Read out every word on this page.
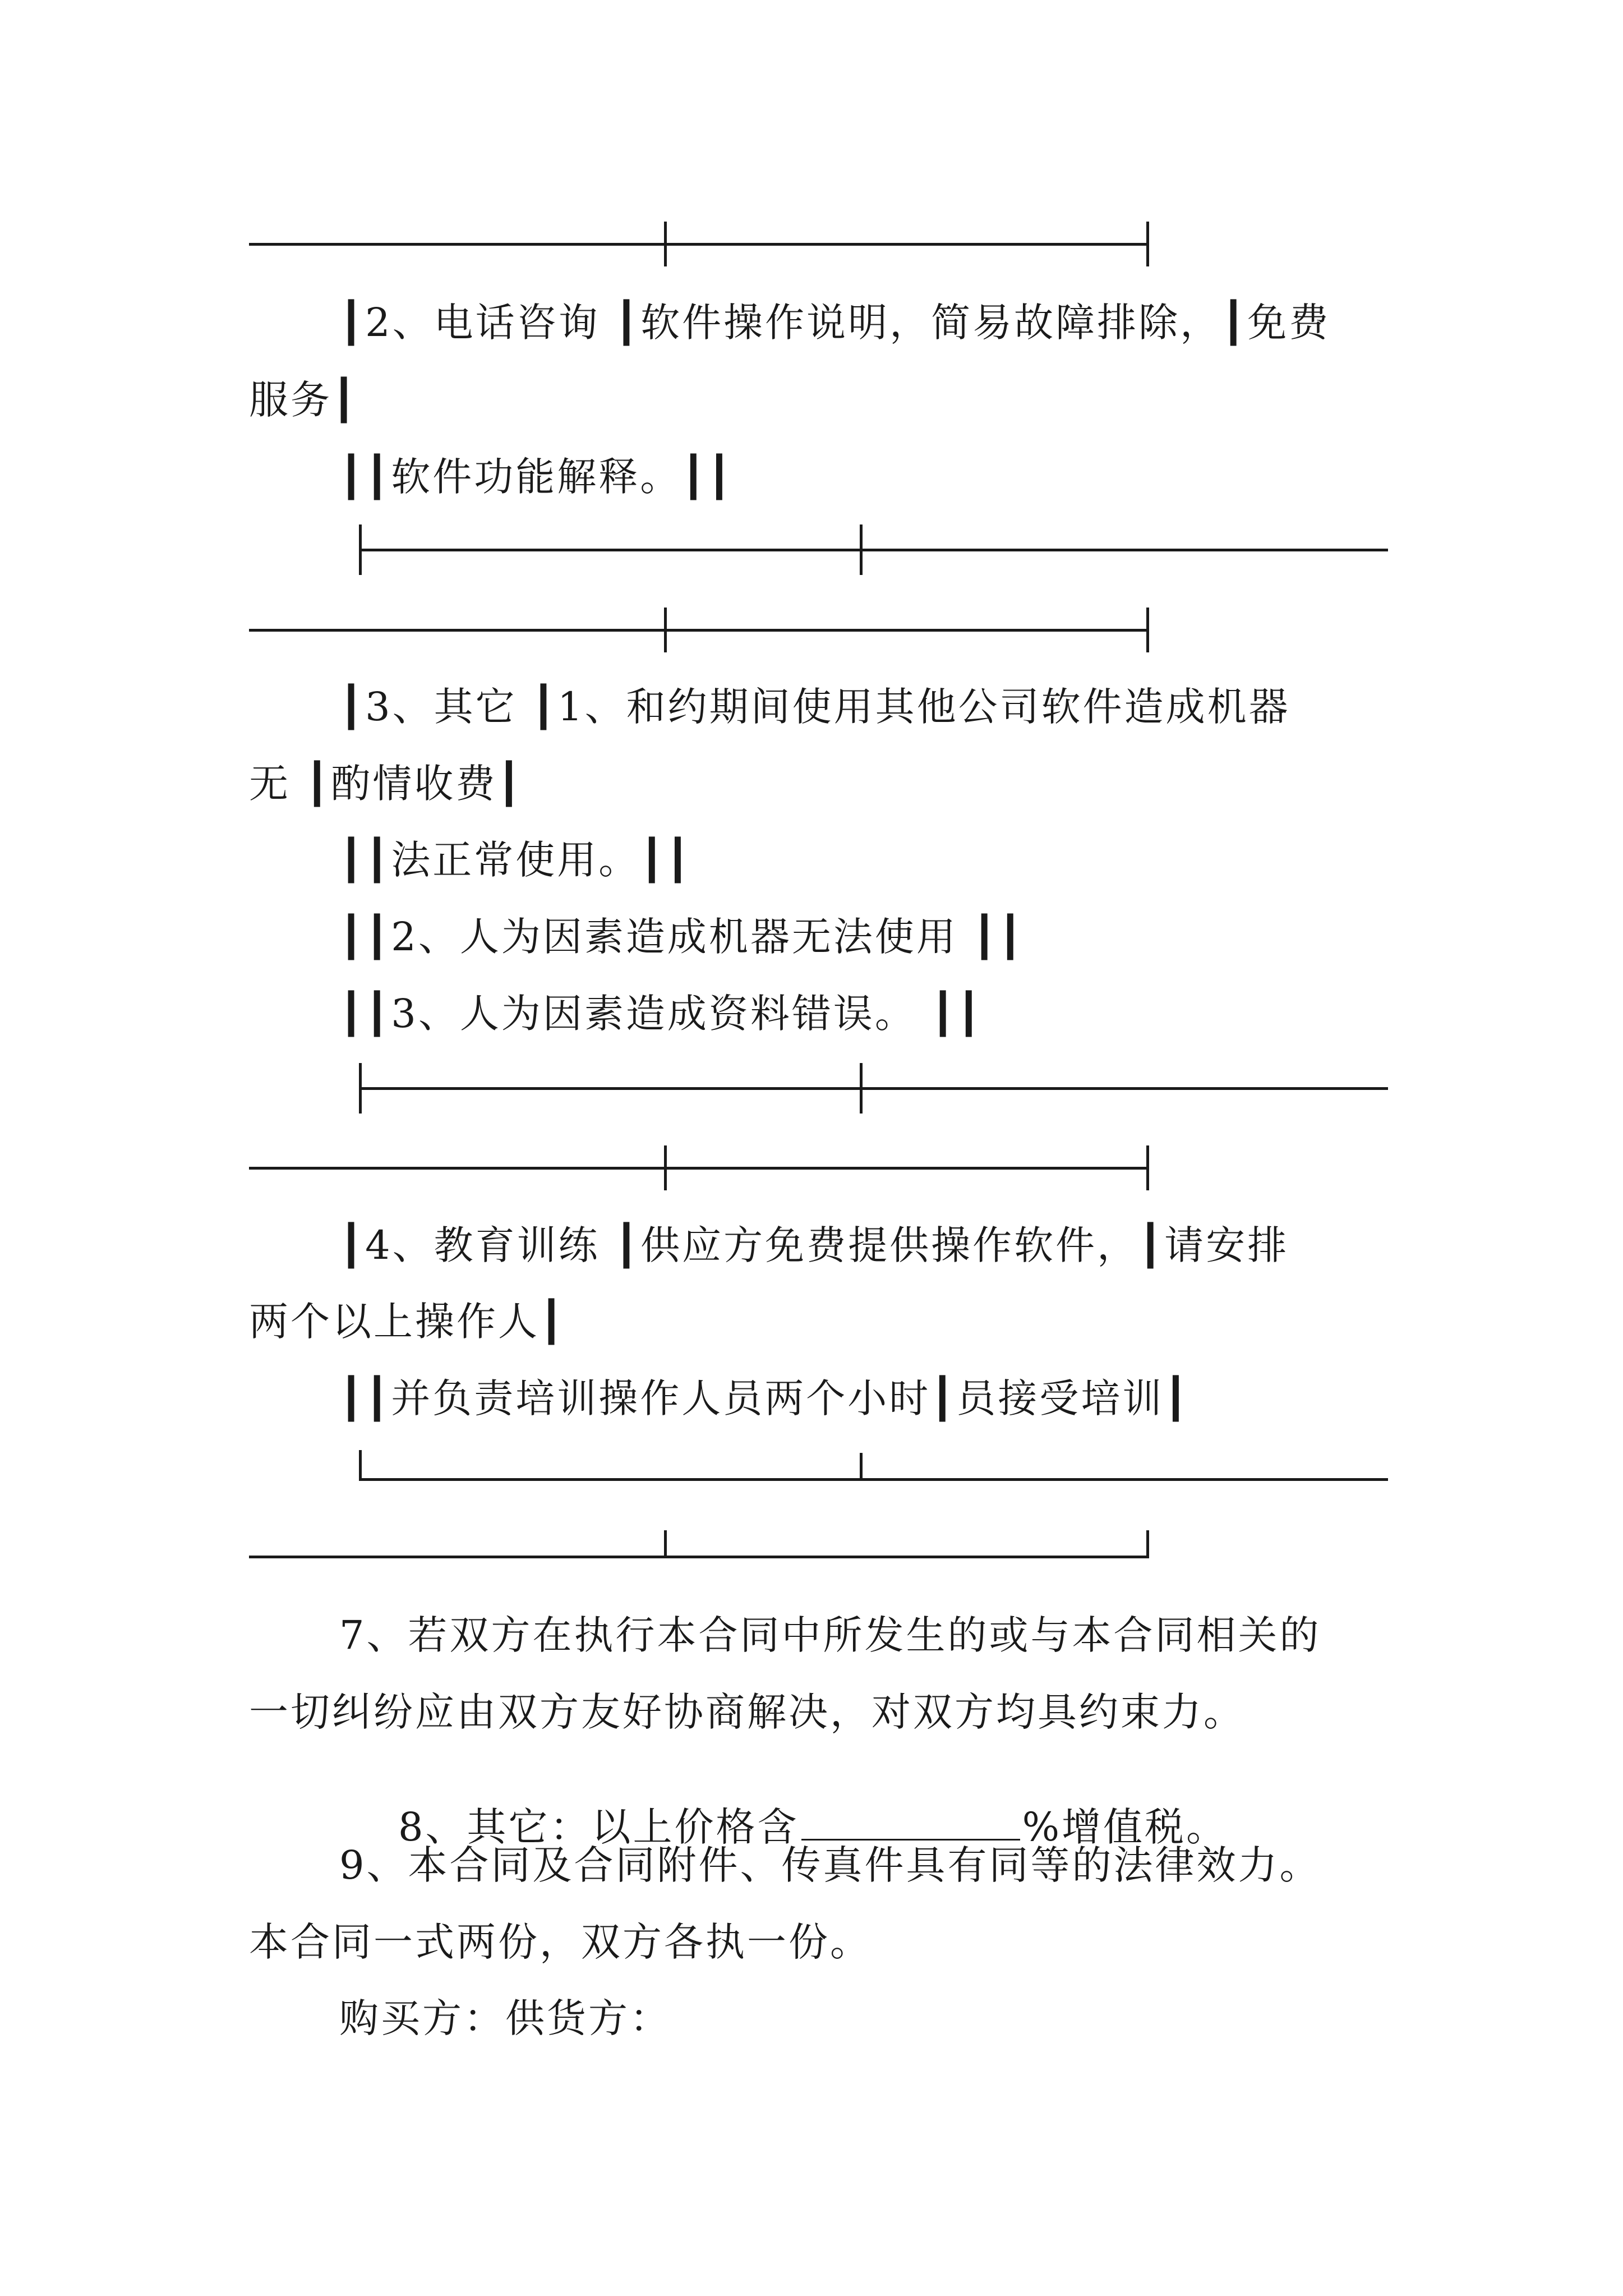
┃2、电话咨询 ┃软件操作说明，简易故障排除，┃免费
服务┃
┃┃软件功能解释。┃┃
┃3、其它 ┃1、和约期间使用其他公司软件造成机器
无 ┃酌情收费┃
┃┃法正常使用。┃┃
┃┃2、人为因素造成机器无法使用 ┃┃
┃┃3、人为因素造成资料错误。 ┃┃
┃4、教育训练 ┃供应方免费提供操作软件，┃请安排
两个以上操作人┃
┃┃并负责培训操作人员两个小时┃员接受培训┃
7、若双方在执行本合同中所发生的或与本合同相关的
一切纠纷应由双方友好协商解决，对双方均具约束力。

8、其它：以上价格含	%增值税。

9、本合同及合同附件、传真件具有同等的法律效力。
本合同一式两份，双方各执一份。
购买方：供货方：
